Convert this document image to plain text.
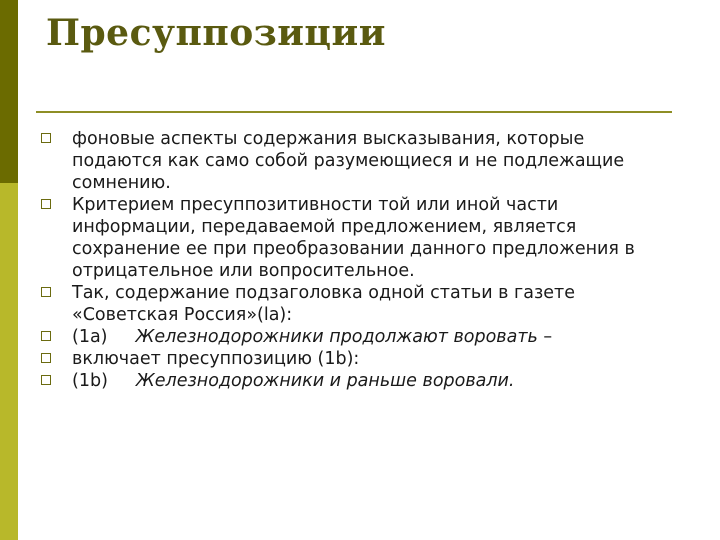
Пресуппозиции
фоновые аспекты содержания высказывания, которые подаются как само собой разумеющиеся и не подлежащие сомнению.
Критерием пресуппозитивности той или иной части информации, передаваемой предложением, является сохранение ее при преобразовании данного предложения в отрицательное или вопросительное.
Так, содержание подзаголовка одной статьи в газете «Советская Россия»(la):
(1a) Железнодорожники продолжают воровать –
включает пресуппозицию (1b):
(1b) Железнодорожники и раньше воровали.
